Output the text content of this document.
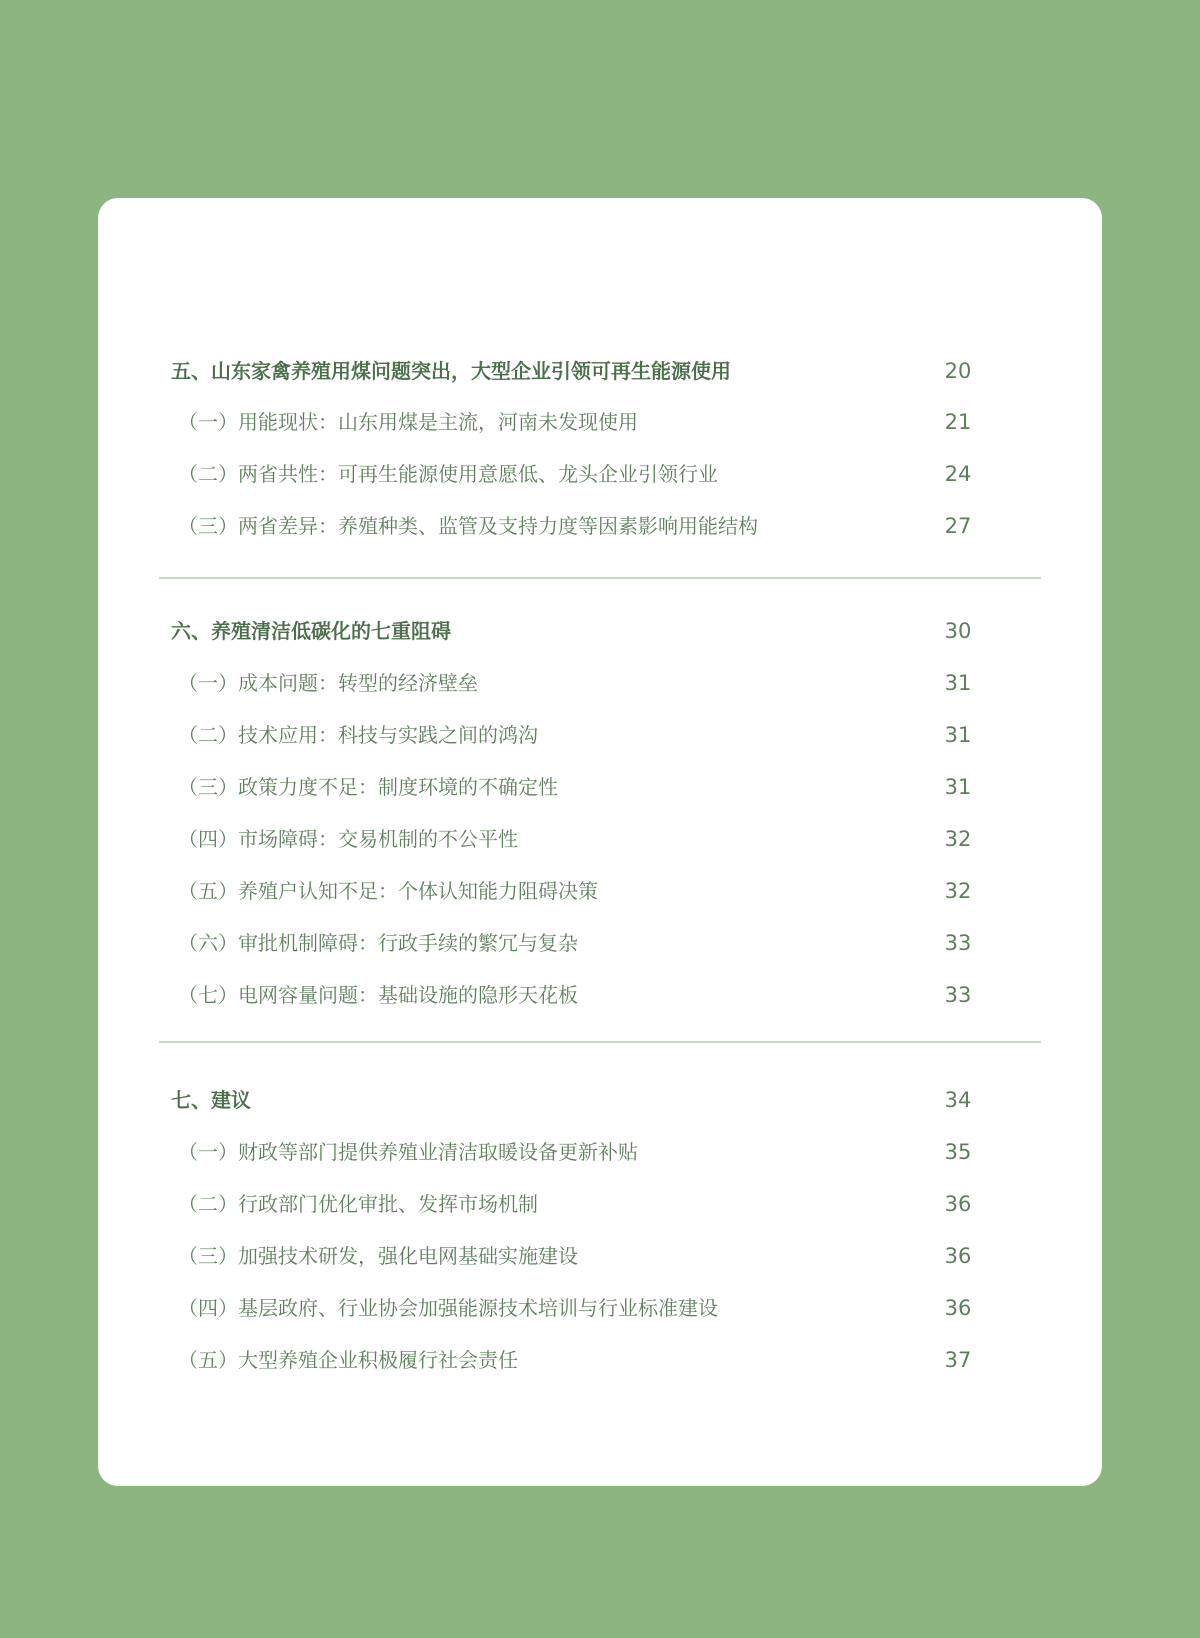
五、山东家禽养殖用煤问题突出，大型企业引领可再生能源使用	20
（一）用能现状：山东用煤是主流，河南未发现使用	21
（二）两省共性：可再生能源使用意愿低、龙头企业引领行业	24
（三）两省差异：养殖种类、监管及支持力度等因素影响用能结构	27
六、养殖清洁低碳化的七重阻碍	30
（一）成本问题：转型的经济壁垒	31
（二）技术应用：科技与实践之间的鸿沟	31
（三）政策力度不足：制度环境的不确定性	31
（四）市场障碍：交易机制的不公平性	32
（五）养殖户认知不足：个体认知能力阻碍决策	32
（六）审批机制障碍：行政手续的繁冗与复杂	33
（七）电网容量问题：基础设施的隐形天花板	33
七、建议	34
（一）财政等部门提供养殖业清洁取暖设备更新补贴	35
（二）行政部门优化审批、发挥市场机制	36
（三）加强技术研发，强化电网基础实施建设	36
（四）基层政府、行业协会加强能源技术培训与行业标准建设	36
（五）大型养殖企业积极履行社会责任	37
